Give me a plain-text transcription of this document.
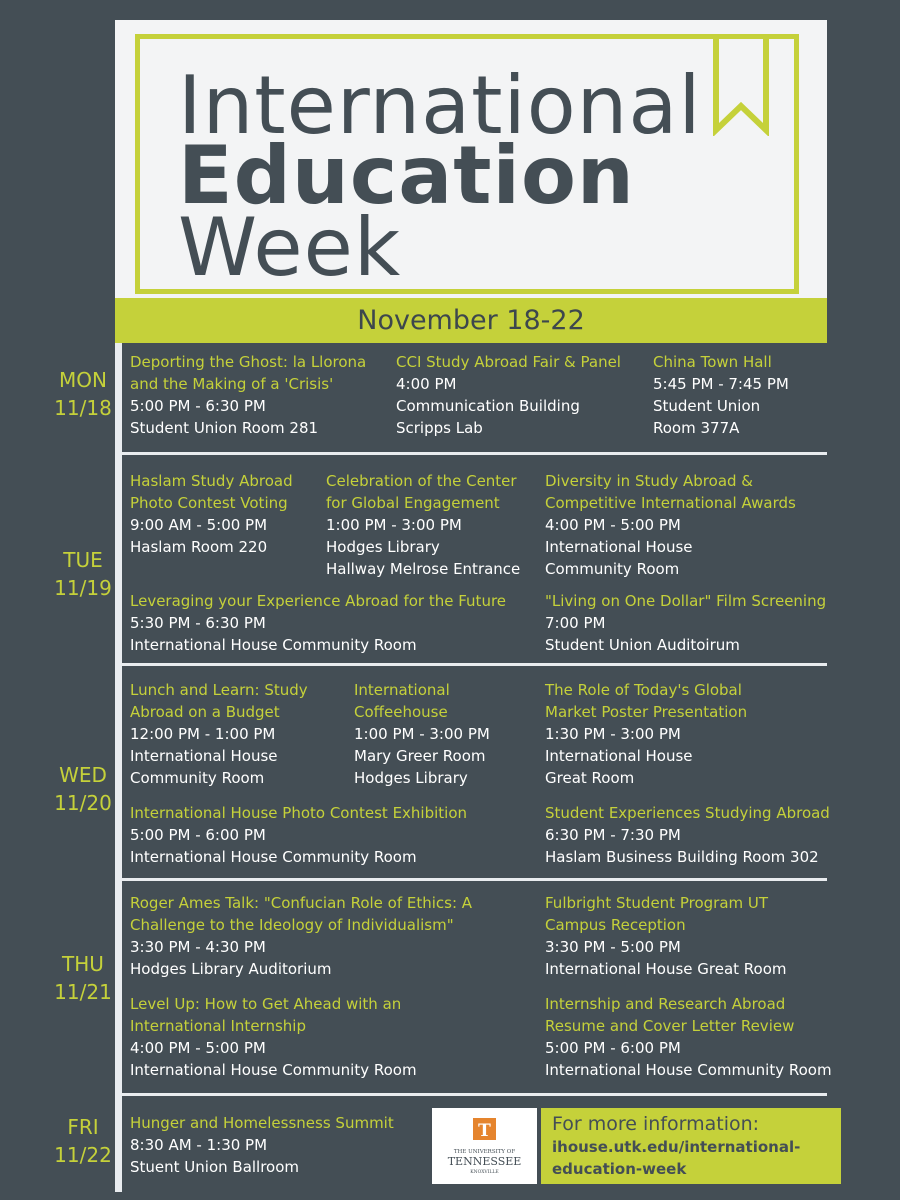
International
Education
Week
November 18-22
MON
11/18
TUE
11/19
WED
11/20
THU
11/21
FRI
11/22
Deporting the Ghost: la Llorona
and the Making of a 'Crisis'
5:00 PM - 6:30 PM
Student Union Room 281
CCI Study Abroad Fair & Panel
4:00 PM
Communication Building
Scripps Lab
China Town Hall
5:45 PM - 7:45 PM
Student Union
Room 377A
Haslam Study Abroad
Photo Contest Voting
9:00 AM - 5:00 PM
Haslam Room 220
Celebration of the Center
for Global Engagement
1:00 PM - 3:00 PM
Hodges Library
Hallway Melrose Entrance
Diversity in Study Abroad &
Competitive International Awards
4:00 PM - 5:00 PM
International House
Community Room
Leveraging your Experience Abroad for the Future
5:30 PM - 6:30 PM
International House Community Room
"Living on One Dollar" Film Screening
7:00 PM
Student Union Auditoirum
Lunch and Learn: Study
Abroad on a Budget
12:00 PM - 1:00 PM
International House
Community Room
International
Coffeehouse
1:00 PM - 3:00 PM
Mary Greer Room
Hodges Library
The Role of Today's Global
Market Poster Presentation
1:30 PM - 3:00 PM
International House
Great Room
International House Photo Contest Exhibition
5:00 PM - 6:00 PM
International House Community Room
Student Experiences Studying Abroad
6:30 PM - 7:30 PM
Haslam Business Building Room 302
Roger Ames Talk: "Confucian Role of Ethics: A
Challenge to the Ideology of Individualism"
3:30 PM - 4:30 PM
Hodges Library Auditorium
Fulbright Student Program UT
Campus Reception
3:30 PM - 5:00 PM
International House Great Room
Level Up: How to Get Ahead with an
International Internship
4:00 PM - 5:00 PM
International House Community Room
Internship and Research Abroad
Resume and Cover Letter Review
5:00 PM - 6:00 PM
International House Community Room
Hunger and Homelessness Summit
8:30 AM - 1:30 PM
Stuent Union Ballroom
T
THE UNIVERSITY OF
TENNESSEE
KNOXVILLE
For more information:
ihouse.utk.edu/international-education-week
